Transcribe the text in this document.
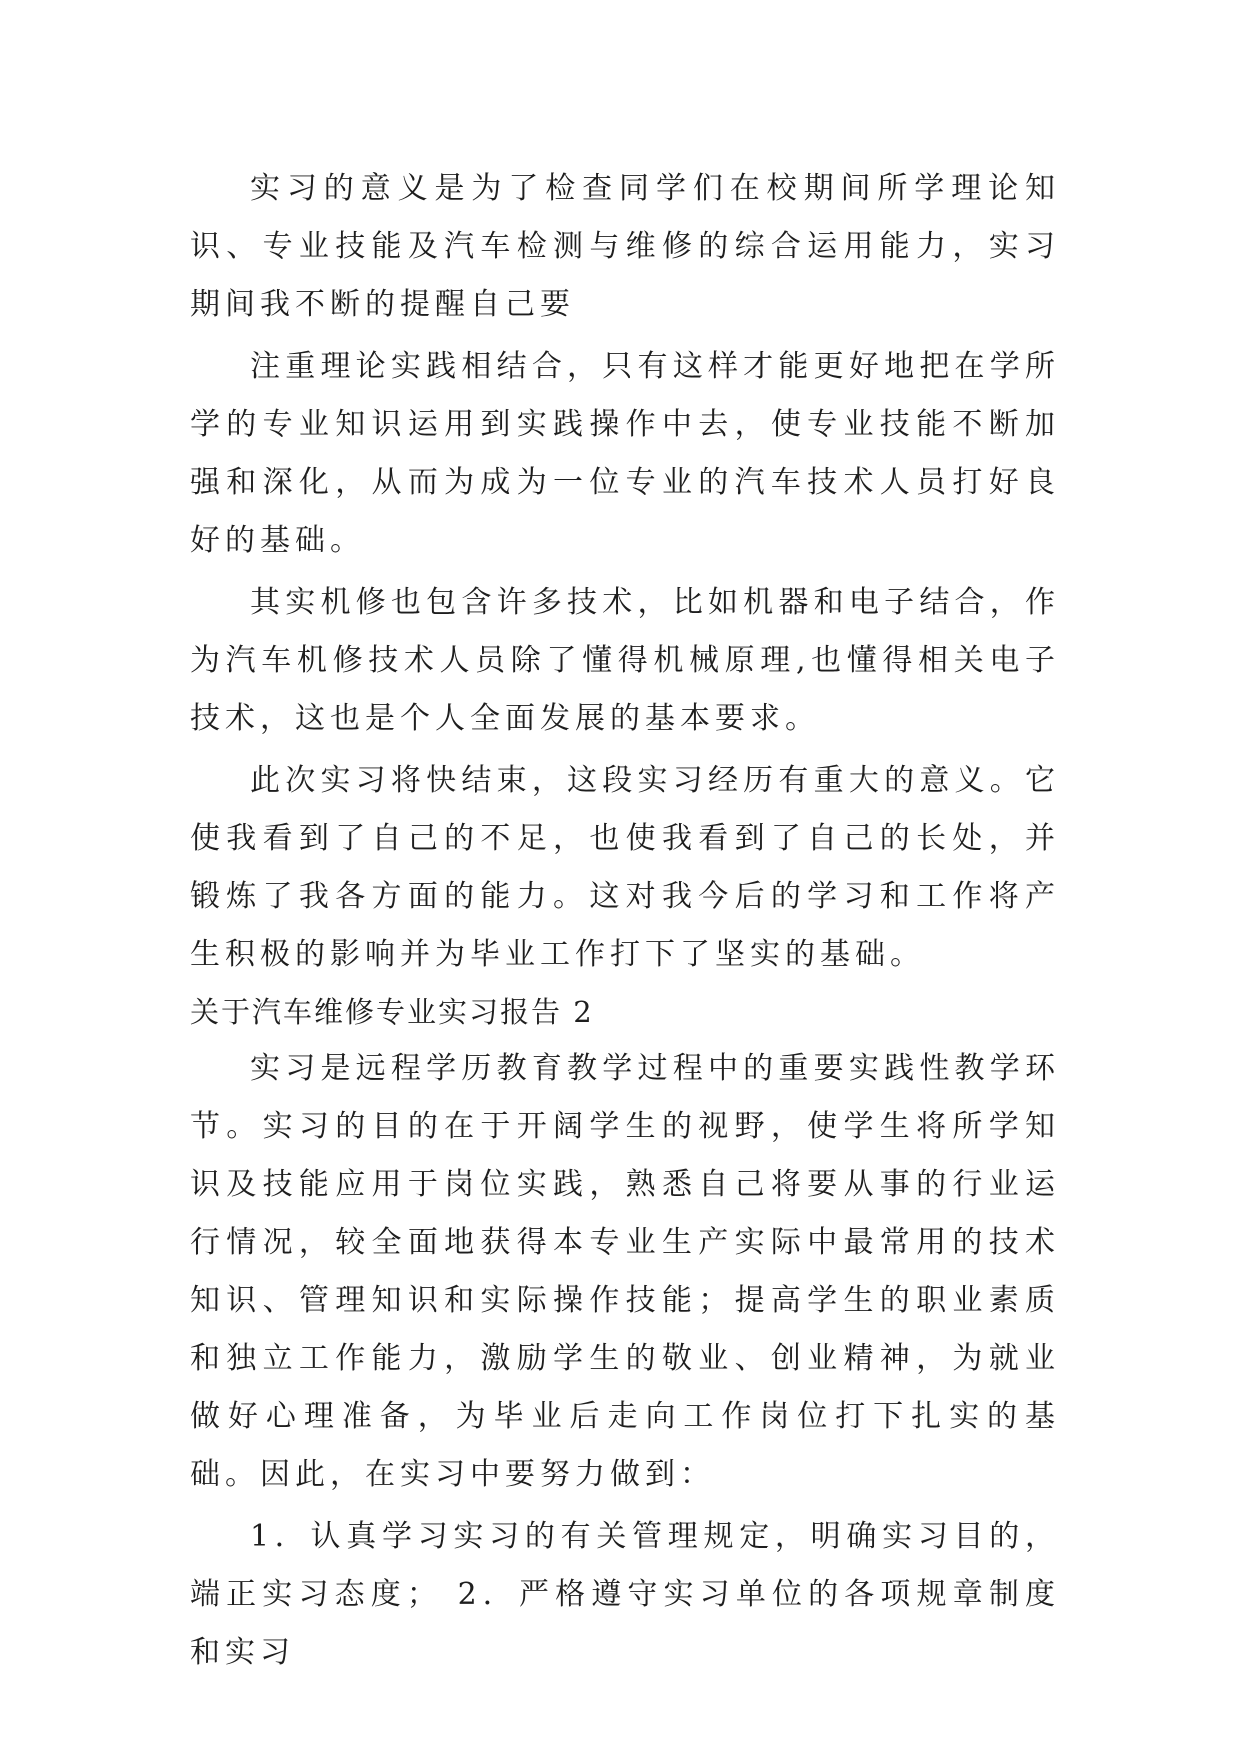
实习的意义是为了检查同学们在校期间所学理论知识、专业技能及汽车检测与维修的综合运用能力，实习期间我不断的提醒自己要

注重理论实践相结合，只有这样才能更好地把在学所学的专业知识运用到实践操作中去，使专业技能不断加强和深化，从而为成为一位专业的汽车技术人员打好良好的基础。

其实机修也包含许多技术，比如机器和电子结合，作为汽车机修技术人员除了懂得机械原理,也懂得相关电子技术，这也是个人全面发展的基本要求。

此次实习将快结束，这段实习经历有重大的意义。它使我看到了自己的不足，也使我看到了自己的长处，并锻炼了我各方面的能力。这对我今后的学习和工作将产生积极的影响并为毕业工作打下了坚实的基础。

关于汽车维修专业实习报告 2

实习是远程学历教育教学过程中的重要实践性教学环节。实习的目的在于开阔学生的视野，使学生将所学知识及技能应用于岗位实践，熟悉自己将要从事的行业运行情况，较全面地获得本专业生产实际中最常用的技术知识、管理知识和实际操作技能；提高学生的职业素质和独立工作能力，激励学生的敬业、创业精神，为就业做好心理准备，为毕业后走向工作岗位打下扎实的基础。因此，在实习中要努力做到：

1．认真学习实习的有关管理规定，明确实习目的，端正实习态度； 2．严格遵守实习单位的各项规章制度和实习
